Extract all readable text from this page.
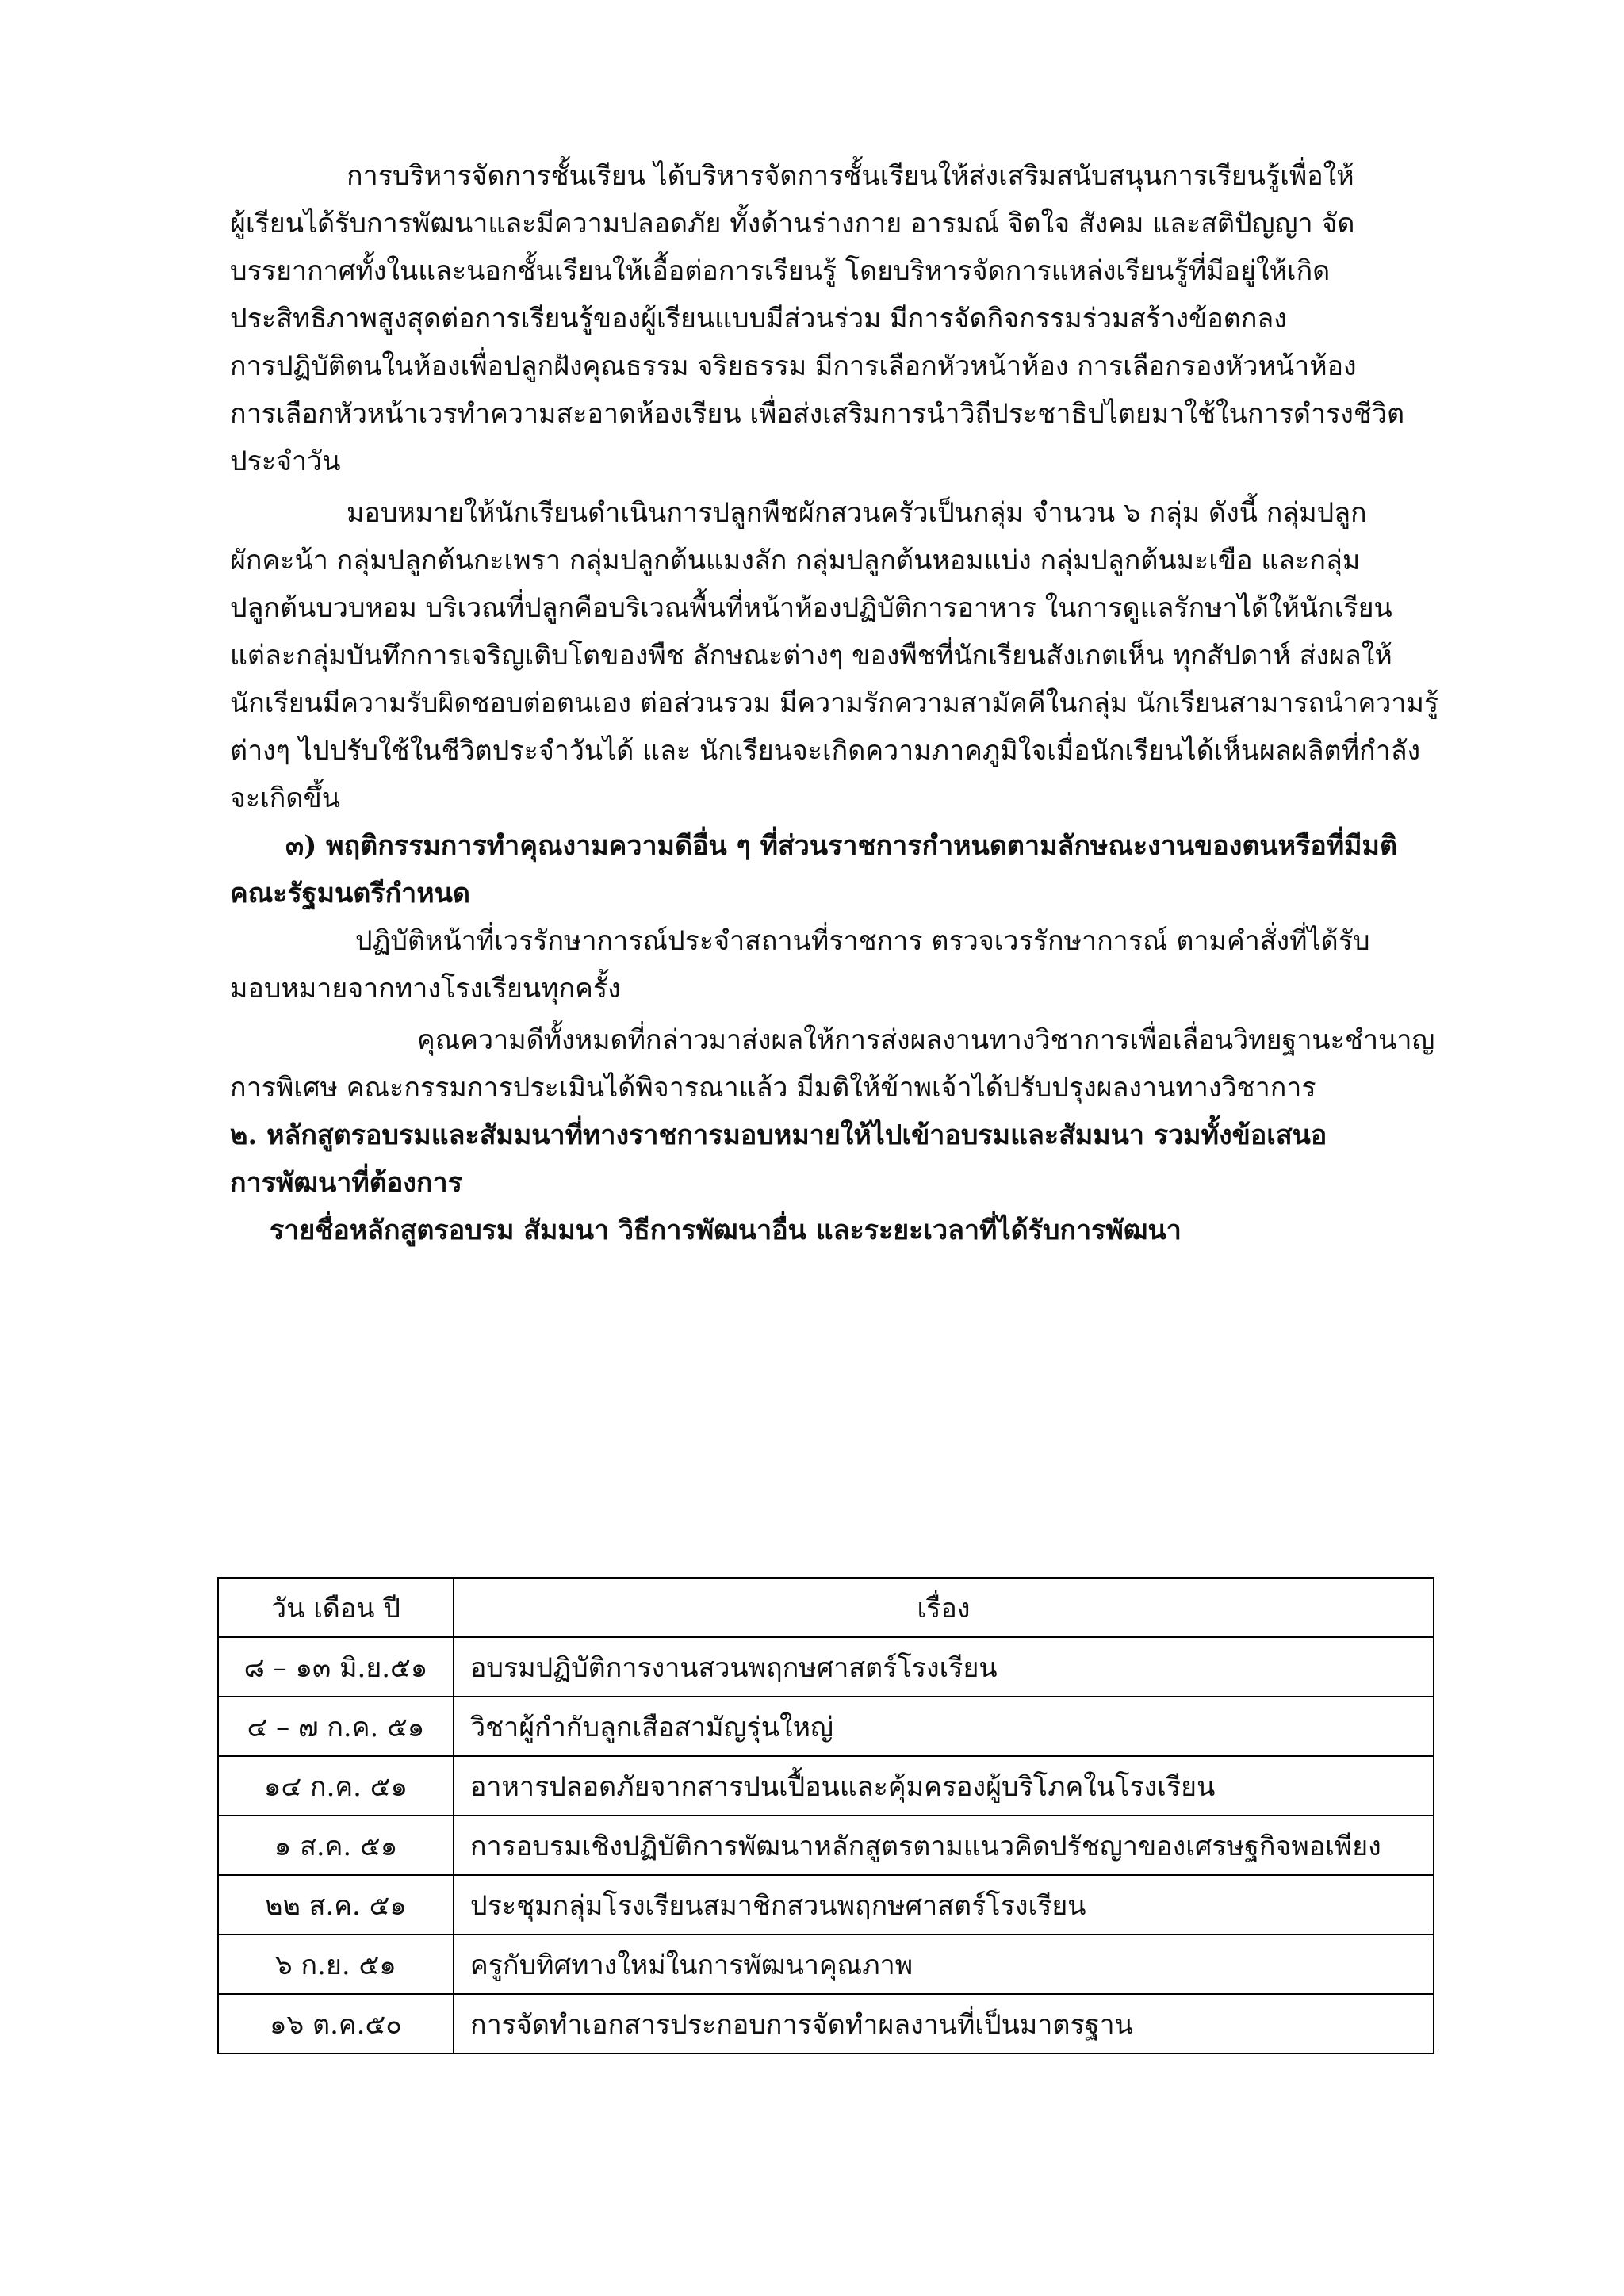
การบริหารจัดการชั้นเรียน ได้บริหารจัดการชั้นเรียนให้ส่งเสริมสนับสนุนการเรียนรู้เพื่อให้
ผู้เรียนได้รับการพัฒนาและมีความปลอดภัย ทั้งด้านร่างกาย อารมณ์ จิตใจ สังคม และสติปัญญา จัด
บรรยากาศทั้งในและนอกชั้นเรียนให้เอื้อต่อการเรียนรู้ โดยบริหารจัดการแหล่งเรียนรู้ที่มีอยู่ให้เกิด
ประสิทธิภาพสูงสุดต่อการเรียนรู้ของผู้เรียนแบบมีส่วนร่วม มีการจัดกิจกรรมร่วมสร้างข้อตกลง
การปฏิบัติตนในห้องเพื่อปลูกฝังคุณธรรม จริยธรรม มีการเลือกหัวหน้าห้อง การเลือกรองหัวหน้าห้อง
การเลือกหัวหน้าเวรทำความสะอาดห้องเรียน เพื่อส่งเสริมการนำวิถีประชาธิปไตยมาใช้ในการดำรงชีวิต
ประจำวัน
มอบหมายให้นักเรียนดำเนินการปลูกพืชผักสวนครัวเป็นกลุ่ม จำนวน ๖ กลุ่ม ดังนี้ กลุ่มปลูก
ผักคะน้า กลุ่มปลูกต้นกะเพรา กลุ่มปลูกต้นแมงลัก กลุ่มปลูกต้นหอมแบ่ง กลุ่มปลูกต้นมะเขือ และกลุ่ม
ปลูกต้นบวบหอม บริเวณที่ปลูกคือบริเวณพื้นที่หน้าห้องปฏิบัติการอาหาร ในการดูแลรักษาได้ให้นักเรียน
แต่ละกลุ่มบันทึกการเจริญเติบโตของพืช ลักษณะต่างๆ ของพืชที่นักเรียนสังเกตเห็น ทุกสัปดาห์ ส่งผลให้
นักเรียนมีความรับผิดชอบต่อตนเอง ต่อส่วนรวม มีความรักความสามัคคีในกลุ่ม นักเรียนสามารถนำความรู้
ต่างๆ ไปปรับใช้ในชีวิตประจำวันได้ และ นักเรียนจะเกิดความภาคภูมิใจเมื่อนักเรียนได้เห็นผลผลิตที่กำลัง
จะเกิดขึ้น
๓) พฤติกรรมการทำคุณงามความดีอื่น ๆ ที่ส่วนราชการกำหนดตามลักษณะงานของตนหรือที่มีมติ
คณะรัฐมนตรีกำหนด
ปฏิบัติหน้าที่เวรรักษาการณ์ประจำสถานที่ราชการ ตรวจเวรรักษาการณ์ ตามคำสั่งที่ได้รับ
มอบหมายจากทางโรงเรียนทุกครั้ง
คุณความดีทั้งหมดที่กล่าวมาส่งผลให้การส่งผลงานทางวิชาการเพื่อเลื่อนวิทยฐานะชำนาญ
การพิเศษ คณะกรรมการประเมินได้พิจารณาแล้ว มีมติให้ข้าพเจ้าได้ปรับปรุงผลงานทางวิชาการ
๒. หลักสูตรอบรมและสัมมนาที่ทางราชการมอบหมายให้ไปเข้าอบรมและสัมมนา รวมทั้งข้อเสนอ
การพัฒนาที่ต้องการ
รายชื่อหลักสูตรอบรม สัมมนา วิธีการพัฒนาอื่น และระยะเวลาที่ได้รับการพัฒนา
วัน เดือน ปี	เรื่อง
๘ – ๑๓ มิ.ย.๕๑	อบรมปฏิบัติการงานสวนพฤกษศาสตร์โรงเรียน
๔ – ๗ ก.ค. ๕๑	วิชาผู้กำกับลูกเสือสามัญรุ่นใหญ่
๑๔ ก.ค. ๕๑	อาหารปลอดภัยจากสารปนเปื้อนและคุ้มครองผู้บริโภคในโรงเรียน
๑ ส.ค. ๕๑	การอบรมเชิงปฏิบัติการพัฒนาหลักสูตรตามแนวคิดปรัชญาของเศรษฐกิจพอเพียง
๒๒ ส.ค. ๕๑	ประชุมกลุ่มโรงเรียนสมาชิกสวนพฤกษศาสตร์โรงเรียน
๖ ก.ย. ๕๑	ครูกับทิศทางใหม่ในการพัฒนาคุณภาพ
๑๖ ต.ค.๕๐	การจัดทำเอกสารประกอบการจัดทำผลงานที่เป็นมาตรฐาน
